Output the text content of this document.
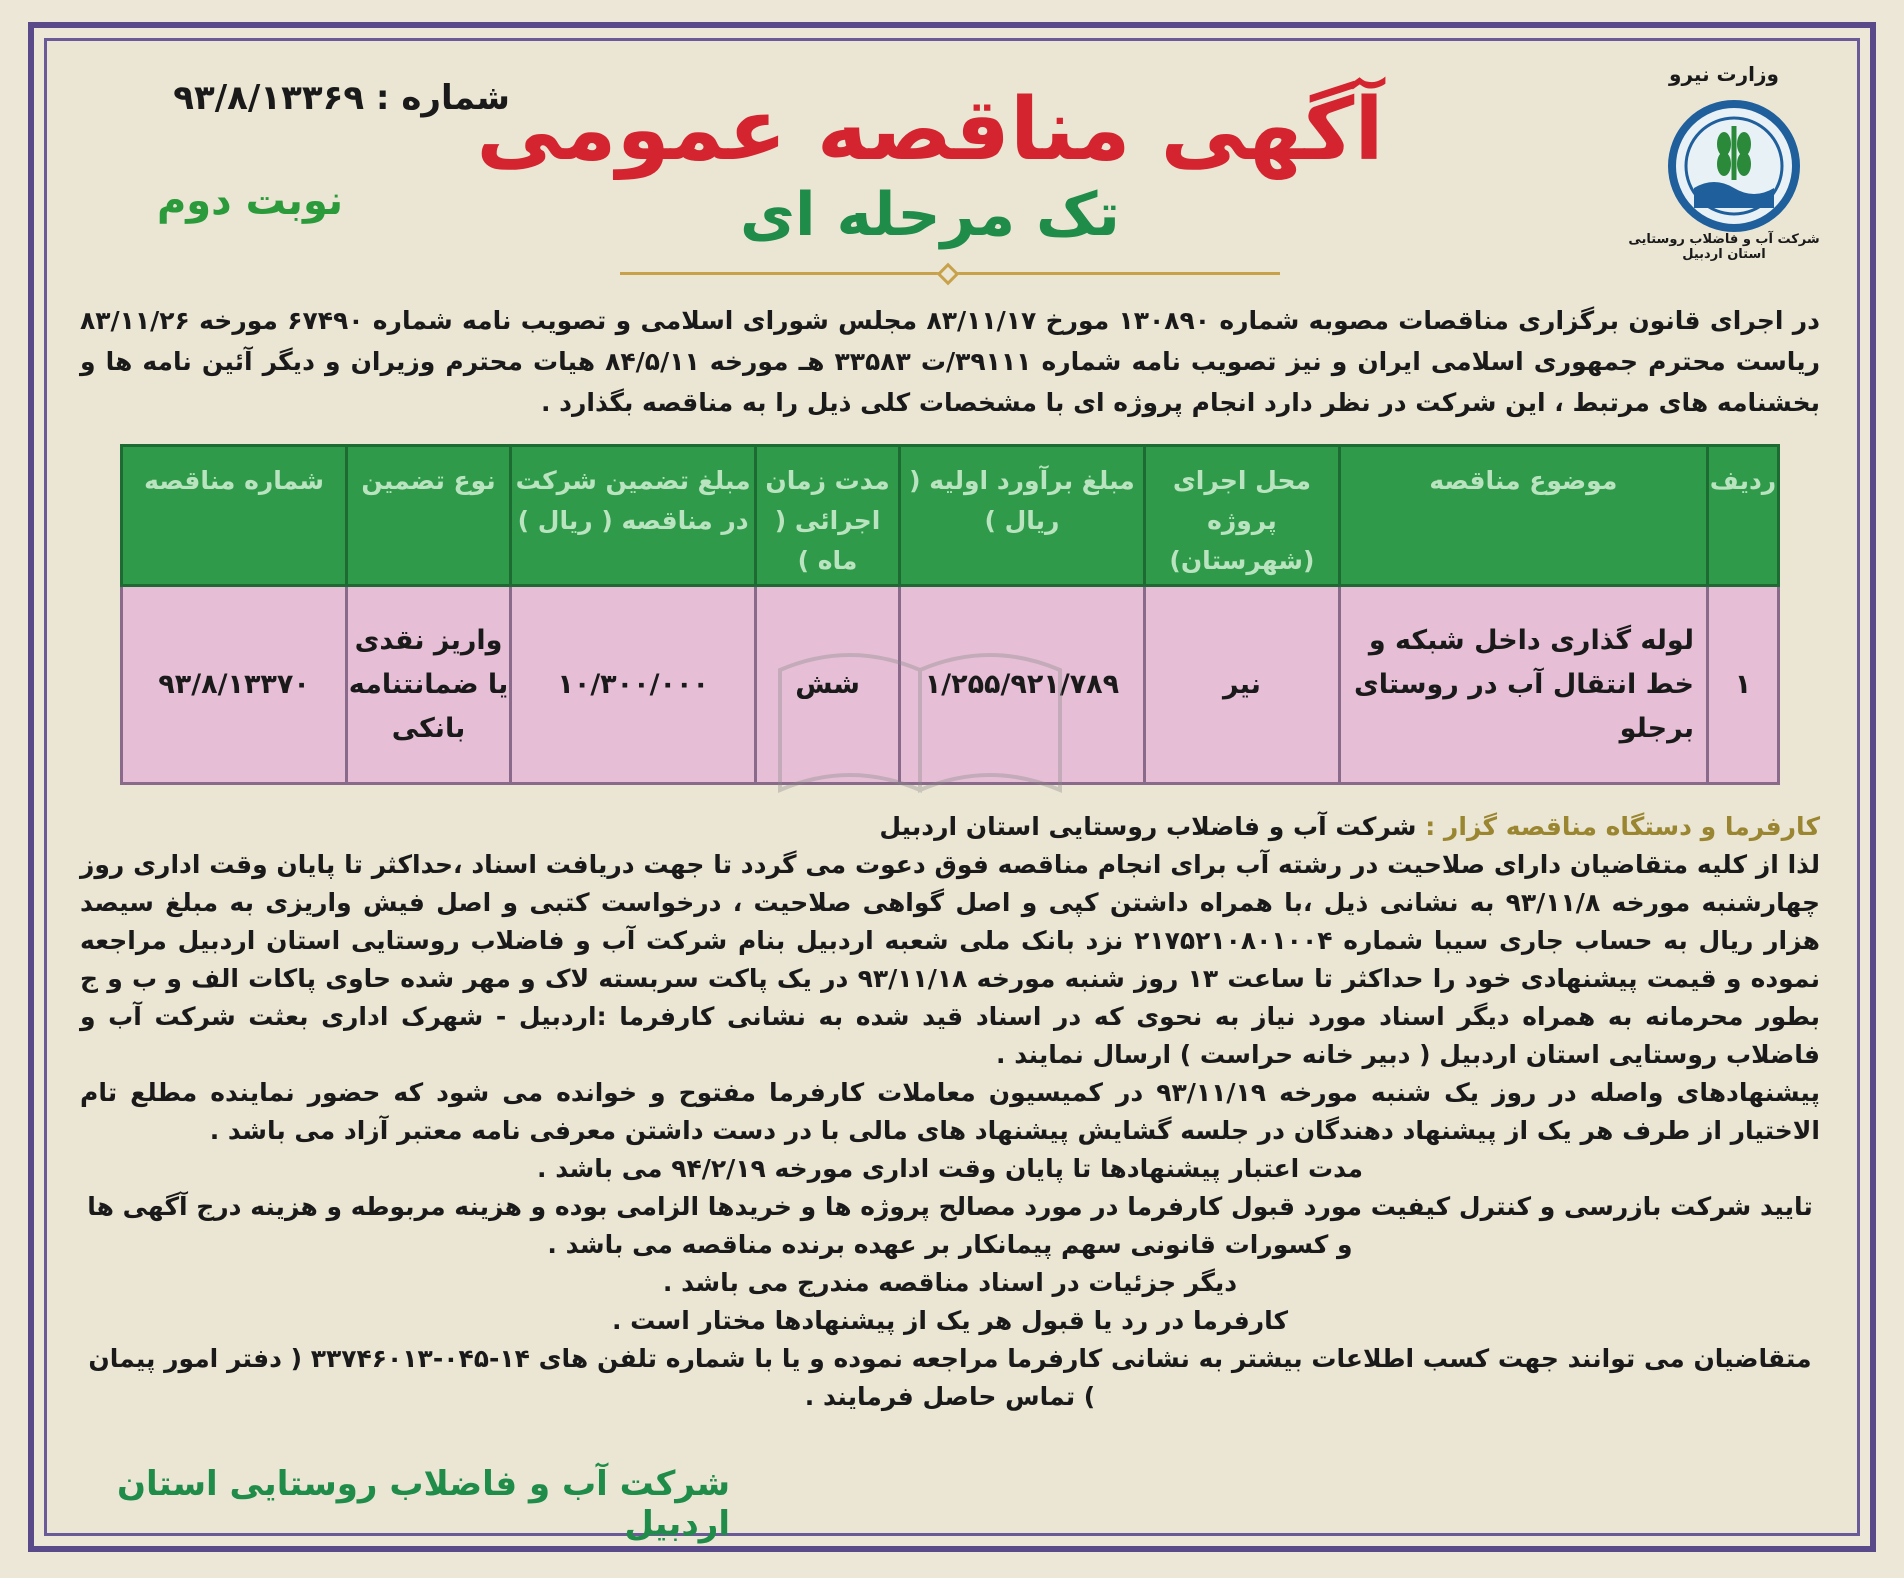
وزارت نیرو
شرکت آب و فاضلاب روستایی استان اردبیل
آگهی مناقصه عمومی
تک مرحله ای
شماره : ۹۳/۸/۱۳۳۶۹
نوبت دوم
در اجرای قانون برگزاری مناقصات مصوبه شماره ۱۳۰۸۹۰ مورخ ۸۳/۱۱/۱۷ مجلس شورای اسلامی و تصویب نامه شماره ۶۷۴۹۰ مورخه ۸۳/۱۱/۲۶ ریاست محترم جمهوری اسلامی ایران و نیز تصویب نامه شماره ۳۹۱۱۱/ت ۳۳۵۸۳ هـ مورخه ۸۴/۵/۱۱ هیات محترم وزیران و دیگر آئین نامه ها و بخشنامه های مرتبط ، این شرکت در نظر دارد انجام پروژه ای با مشخصات کلی ذیل را به مناقصه بگذارد .
ردیف	موضوع مناقصه	محل اجرای پروژه (شهرستان)	مبلغ برآورد اولیه ( ریال )	مدت زمان اجرائی ( ماه )	مبلغ تضمین شرکت در مناقصه ( ریال )	نوع تضمین	شماره مناقصه
۱	لوله گذاری داخل شبکه و خط انتقال آب در روستای برجلو	نیر	۱/۲۵۵/۹۲۱/۷۸۹	شش	۱۰/۳۰۰/۰۰۰	واریز نقدی یا ضمانتنامه بانکی	۹۳/۸/۱۳۳۷۰

کارفرما و دستگاه مناقصه گزار : شرکت آب و فاضلاب روستایی استان اردبیل

لذا از کلیه متقاضیان دارای صلاحیت در رشته آب برای انجام مناقصه فوق دعوت می گردد تا جهت دریافت اسناد ،حداکثر تا پایان وقت اداری روز چهارشنبه مورخه ۹۳/۱۱/۸ به نشانی ذیل ،با همراه داشتن کپی و اصل گواهی صلاحیت ، درخواست کتبی و اصل فیش واریزی به مبلغ سیصد هزار ریال به حساب جاری سیبا شماره ۲۱۷۵۲۱۰۸۰۱۰۰۴ نزد بانک ملی شعبه اردبیل بنام شرکت آب و فاضلاب روستایی استان اردبیل مراجعه نموده و قیمت پیشنهادی خود را حداکثر تا ساعت ۱۳ روز شنبه مورخه ۹۳/۱۱/۱۸ در یک پاکت سربسته لاک و مهر شده حاوی پاکات الف و ب و ج بطور محرمانه به همراه دیگر اسناد مورد نیاز به نحوی که در اسناد قید شده به نشانی کارفرما :اردبیل - شهرک اداری بعثت شرکت آب و فاضلاب روستایی استان اردبیل ( دبیر خانه حراست ) ارسال نمایند .

پیشنهادهای واصله در روز یک شنبه مورخه ۹۳/۱۱/۱۹ در کمیسیون معاملات کارفرما مفتوح و خوانده می شود که حضور نماینده مطلع تام الاختیار از طرف هر یک از پیشنهاد دهندگان در جلسه گشایش پیشنهاد های مالی با در دست داشتن معرفی نامه معتبر آزاد می باشد .

مدت اعتبار پیشنهادها تا پایان وقت اداری مورخه ۹۴/۲/۱۹ می باشد .

تایید شرکت بازرسی و کنترل کیفیت مورد قبول کارفرما در مورد مصالح پروژه ها و خریدها الزامی بوده و هزینه مربوطه و هزینه درج آگهی ها و کسورات قانونی سهم پیمانکار بر عهده برنده مناقصه می باشد .

دیگر جزئیات در اسناد مناقصه مندرج می باشد .

کارفرما در رد یا قبول هر یک از پیشنهادها مختار است .

متقاضیان می توانند جهت کسب اطلاعات بیشتر به نشانی کارفرما مراجعه نموده و یا با شماره تلفن های ۱۴-۰۴۵-۳۳۷۴۶۰۱۳ ( دفتر امور پیمان ) تماس حاصل فرمایند .

شرکت آب و فاضلاب روستایی استان اردبیل
